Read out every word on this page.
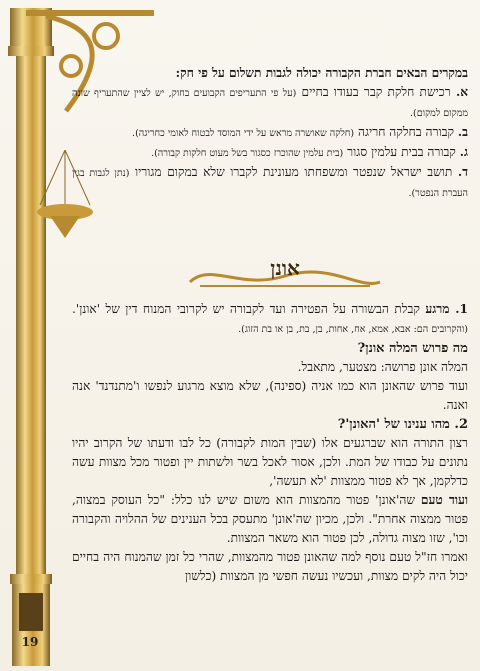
19

במקרים הבאים חברת הקבורה יכולה לגבות תשלום על פי חק:

א. רכישת חלקת קבר בעודו בחיים (על פי התעריפים הקבועים בחוק, יש לציין שהתעריף שונה ממקום למקום).

ב. קבורה בחלקה חריגה (חלקה שאושרה מראש על ידי המוסד לבטוח לאומי כחריגה).

ג. קבורה בבית עלמין סגור (בית עלמין שהוכרז כסגור בשל מעוט חלקות קבורה).

ד. תושב ישראל שנפטר ומשפחתו מעונינת לקברו שלא במקום מגוריו (נתן לגבות בגין העברת הנפטר).

אונן
1. מרגע קבלת הבשורה על הפטירה ועד לקבורה יש לקרובי המנוח דין של 'אונן'. (והקרובים הם: אבא, אמא, אח, אחות, בן, בת, בן או בת הזוג).
מה פרוש המלה אונן?
המלה אונן פרושה: מצטער, מתאבל.
ועוד פרוש שהאונן הוא כמו אניה (ספינה), שלא מוצא מרגוע לנפשו ו'מתנדנד' אנה ואנה.
2. מהו ענינו של 'האונן'?
רצון התורה הוא שברגעים אלו (שבין המות לקבורה) כל לבו ודעתו של הקרוב יהיו נתונים על כבודו של המת. ולכן, אסור לאכל בשר ולשתות יין ופטור מכל מצוות עשה כדלקמן, אך לא פטור ממצוות 'לא תעשה',
ועוד טעם שה'אונן' פטור מהמצוות הוא משום שיש לנו כלל: "כל העוסק במצוה, פטור ממצוה אחרת". ולכן, מכיון שה'אונן' מתעסק בכל הענינים של ההלויה והקבורה וכו', שזו מצוה גדולה, לכן פטור הוא משאר המצוות.
ואמרו חז"ל טעם נוסף למה שהאונן פטור מהמצוות, שהרי כל זמן שהמנוח היה בחיים יכול היה לקים מצוות, ועכשיו נעשה חפשי מן המצוות (כלשון
